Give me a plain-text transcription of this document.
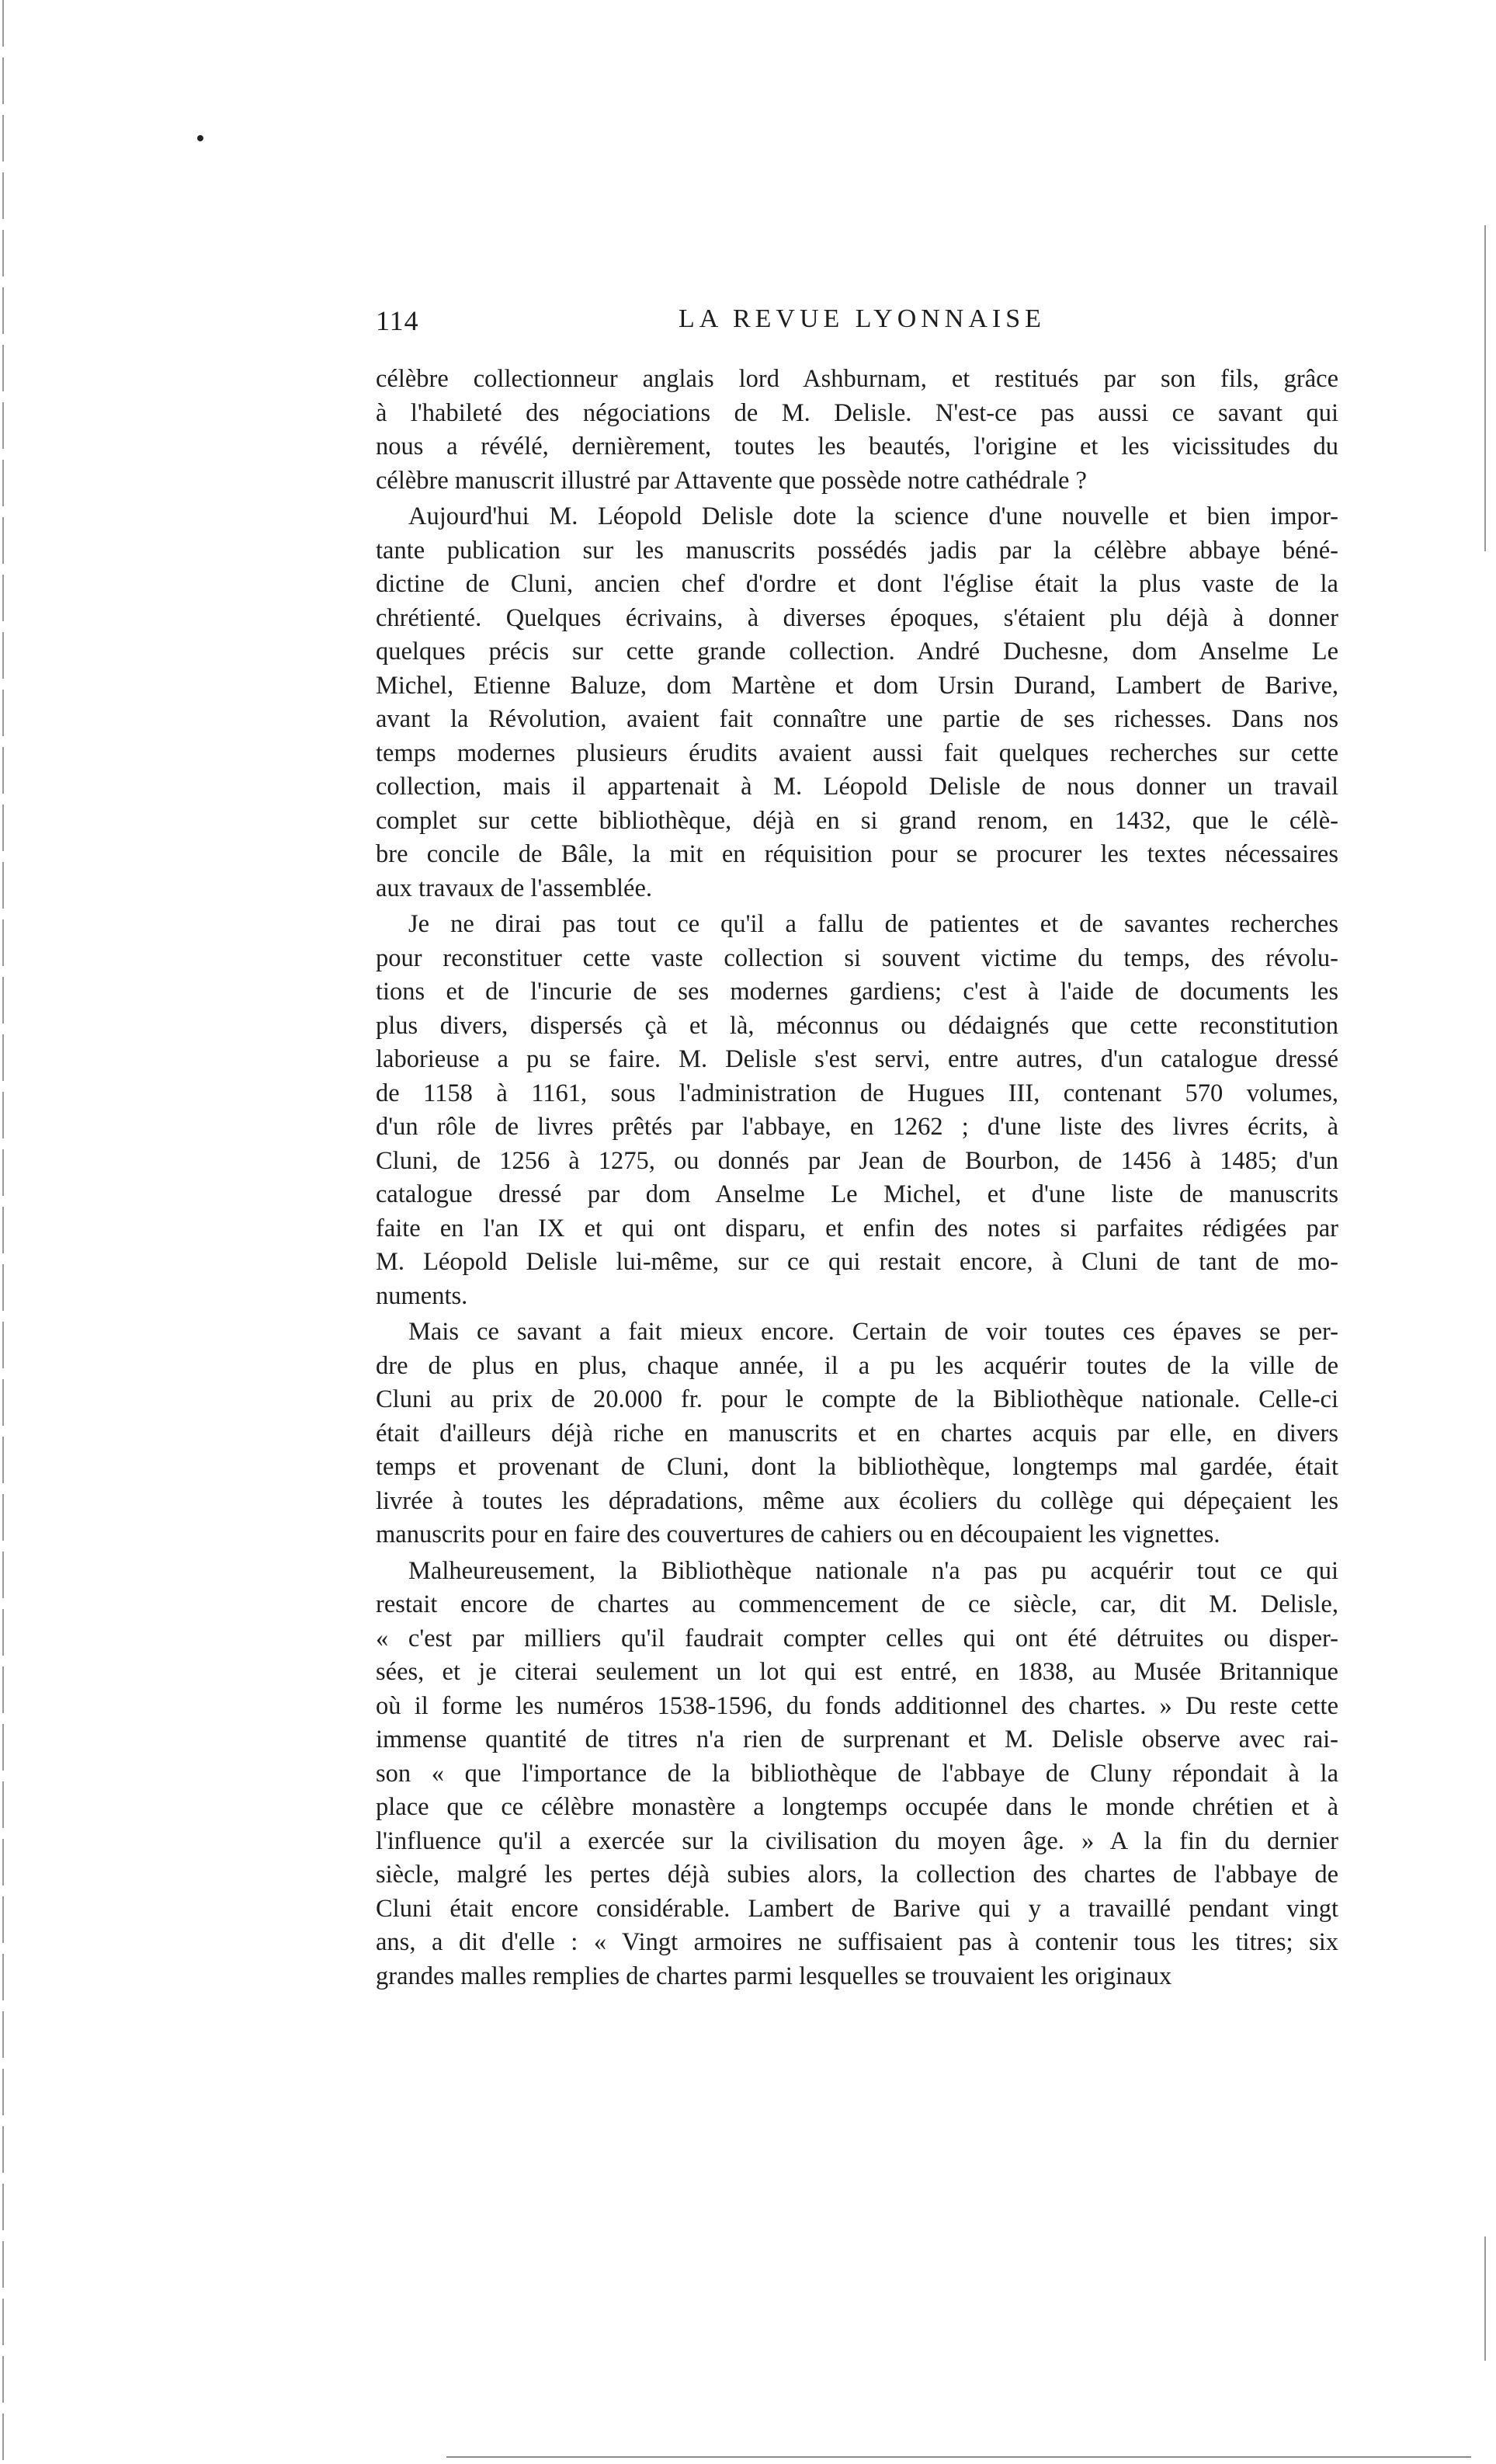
114	LA REVUE LYONNAISE
célèbre collectionneur anglais lord Ashburnam, et restitués par son fils, grâce
à l'habileté des négociations de M. Delisle. N'est-ce pas aussi ce savant qui
nous a révélé, dernièrement, toutes les beautés, l'origine et les vicissitudes du
célèbre manuscrit illustré par Attavente que possède notre cathédrale ?
Aujourd'hui M. Léopold Delisle dote la science d'une nouvelle et bien impor-
tante publication sur les manuscrits possédés jadis par la célèbre abbaye béné-
dictine de Cluni, ancien chef d'ordre et dont l'église était la plus vaste de la
chrétienté. Quelques écrivains, à diverses époques, s'étaient plu déjà à donner
quelques précis sur cette grande collection. André Duchesne, dom Anselme Le
Michel, Etienne Baluze, dom Martène et dom Ursin Durand, Lambert de Barive,
avant la Révolution, avaient fait connaître une partie de ses richesses. Dans nos
temps modernes plusieurs érudits avaient aussi fait quelques recherches sur cette
collection, mais il appartenait à M. Léopold Delisle de nous donner un travail
complet sur cette bibliothèque, déjà en si grand renom, en 1432, que le célè-
bre concile de Bâle, la mit en réquisition pour se procurer les textes nécessaires
aux travaux de l'assemblée.
Je ne dirai pas tout ce qu'il a fallu de patientes et de savantes recherches
pour reconstituer cette vaste collection si souvent victime du temps, des révolu-
tions et de l'incurie de ses modernes gardiens; c'est à l'aide de documents les
plus divers, dispersés çà et là, méconnus ou dédaignés que cette reconstitution
laborieuse a pu se faire. M. Delisle s'est servi, entre autres, d'un catalogue dressé
de 1158 à 1161, sous l'administration de Hugues III, contenant 570 volumes,
d'un rôle de livres prêtés par l'abbaye, en 1262 ; d'une liste des livres écrits, à
Cluni, de 1256 à 1275, ou donnés par Jean de Bourbon, de 1456 à 1485; d'un
catalogue dressé par dom Anselme Le Michel, et d'une liste de manuscrits
faite en l'an IX et qui ont disparu, et enfin des notes si parfaites rédigées par
M. Léopold Delisle lui-même, sur ce qui restait encore, à Cluni de tant de mo-
numents.
Mais ce savant a fait mieux encore. Certain de voir toutes ces épaves se per-
dre de plus en plus, chaque année, il a pu les acquérir toutes de la ville de
Cluni au prix de 20.000 fr. pour le compte de la Bibliothèque nationale. Celle-ci
était d'ailleurs déjà riche en manuscrits et en chartes acquis par elle, en divers
temps et provenant de Cluni, dont la bibliothèque, longtemps mal gardée, était
livrée à toutes les dépradations, même aux écoliers du collège qui dépeçaient les
manuscrits pour en faire des couvertures de cahiers ou en découpaient les vignettes.
Malheureusement, la Bibliothèque nationale n'a pas pu acquérir tout ce qui
restait encore de chartes au commencement de ce siècle, car, dit M. Delisle,
« c'est par milliers qu'il faudrait compter celles qui ont été détruites ou disper-
sées, et je citerai seulement un lot qui est entré, en 1838, au Musée Britannique
où il forme les numéros 1538-1596, du fonds additionnel des chartes. » Du reste cette
immense quantité de titres n'a rien de surprenant et M. Delisle observe avec rai-
son « que l'importance de la bibliothèque de l'abbaye de Cluny répondait à la
place que ce célèbre monastère a longtemps occupée dans le monde chrétien et à
l'influence qu'il a exercée sur la civilisation du moyen âge. » A la fin du dernier
siècle, malgré les pertes déjà subies alors, la collection des chartes de l'abbaye de
Cluni était encore considérable. Lambert de Barive qui y a travaillé pendant vingt
ans, a dit d'elle : « Vingt armoires ne suffisaient pas à contenir tous les titres; six
grandes malles remplies de chartes parmi lesquelles se trouvaient les originaux
